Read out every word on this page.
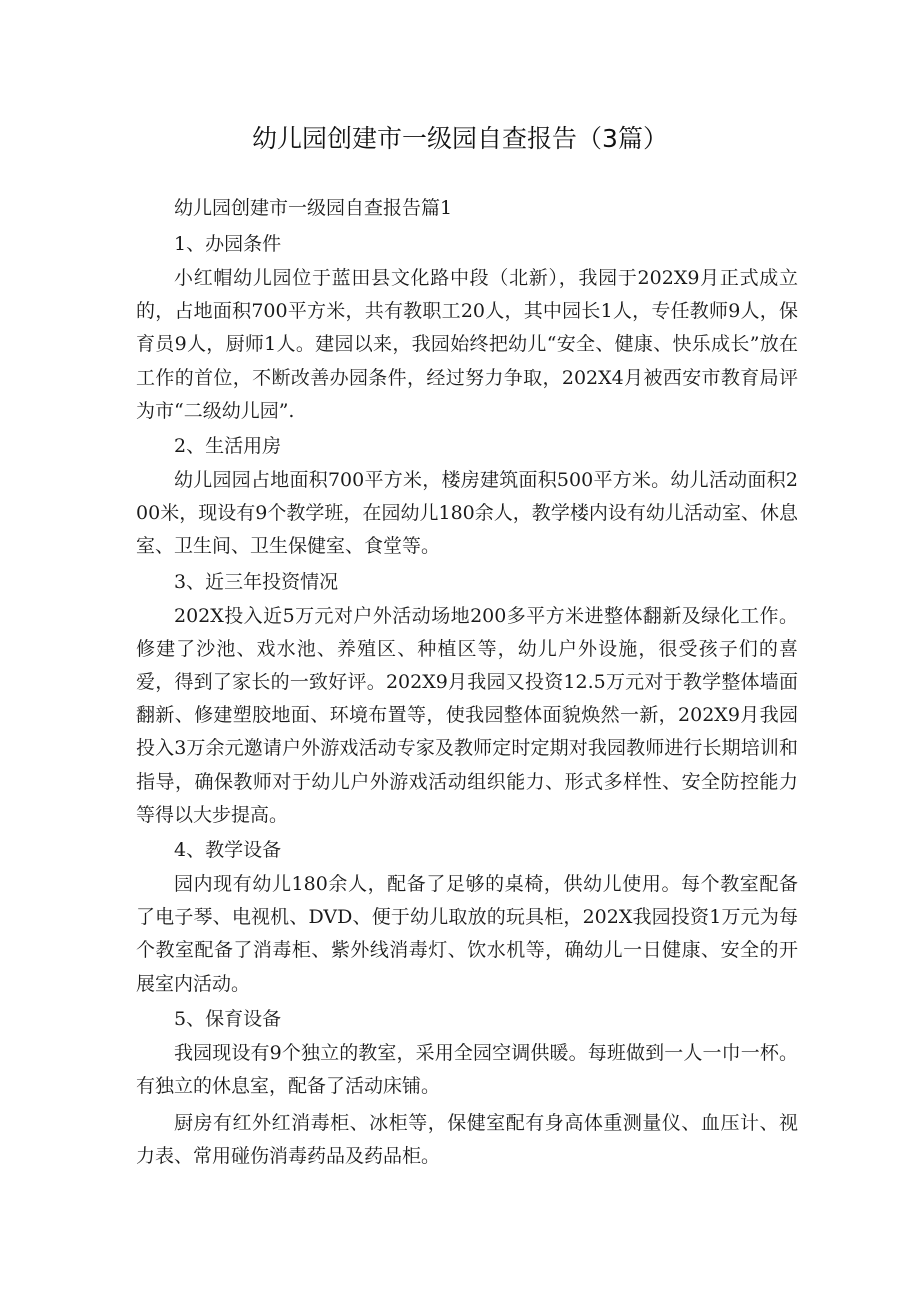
幼儿园创建市一级园自查报告（3篇）

幼儿园创建市一级园自查报告篇1

1、办园条件

小红帽幼儿园位于蓝田县文化路中段（北新），我园于202X9月正式成立的，占地面积700平方米，共有教职工20人，其中园长1人，专任教师9人，保育员9人，厨师1人。建园以来，我园始终把幼儿“安全、健康、快乐成长”放在工作的首位，不断改善办园条件，经过努力争取，202X4月被西安市教育局评为市“二级幼儿园”.

2、生活用房

幼儿园园占地面积700平方米，楼房建筑面积500平方米。幼儿活动面积200米，现设有9个教学班，在园幼儿180余人，教学楼内设有幼儿活动室、休息室、卫生间、卫生保健室、食堂等。

3、近三年投资情况

202X投入近5万元对户外活动场地200多平方米进整体翻新及绿化工作。修建了沙池、戏水池、养殖区、种植区等，幼儿户外设施，很受孩子们的喜爱，得到了家长的一致好评。202X9月我园又投资12.5万元对于教学整体墙面翻新、修建塑胶地面、环境布置等，使我园整体面貌焕然一新，202X9月我园投入3万余元邀请户外游戏活动专家及教师定时定期对我园教师进行长期培训和指导，确保教师对于幼儿户外游戏活动组织能力、形式多样性、安全防控能力等得以大步提高。

4、教学设备

园内现有幼儿180余人，配备了足够的桌椅，供幼儿使用。每个教室配备了电子琴、电视机、DVD、便于幼儿取放的玩具柜，202X我园投资1万元为每个教室配备了消毒柜、紫外线消毒灯、饮水机等，确幼儿一日健康、安全的开展室内活动。

5、保育设备

我园现设有9个独立的教室，采用全园空调供暖。每班做到一人一巾一杯。有独立的休息室，配备了活动床铺。

厨房有红外红消毒柜、冰柜等，保健室配有身高体重测量仪、血压计、视力表、常用碰伤消毒药品及药品柜。
